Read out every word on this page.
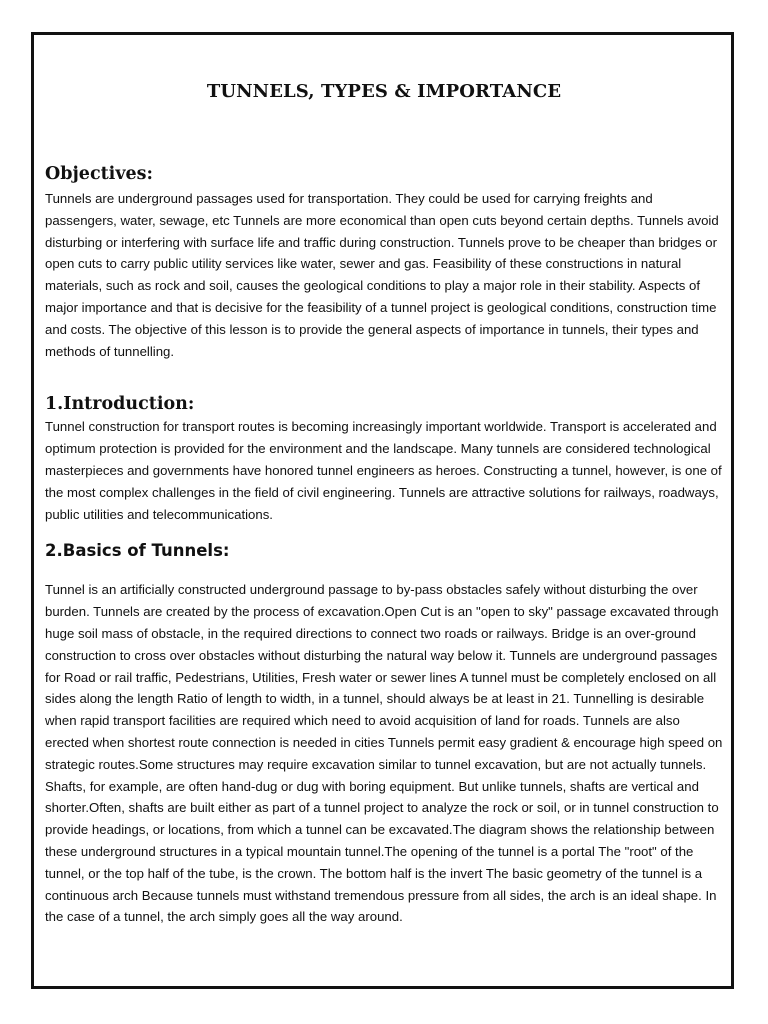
TUNNELS, TYPES & IMPORTANCE
Objectives:

Tunnels are underground passages used for transportation. They could be used for carrying freights and passengers, water, sewage, etc Tunnels are more economical than open cuts beyond certain depths. Tunnels avoid disturbing or interfering with surface life and traffic during construction. Tunnels prove to be cheaper than bridges or open cuts to carry public utility services like water, sewer and gas. Feasibility of these constructions in natural materials, such as rock and soil, causes the geological conditions to play a major role in their stability. Aspects of major importance and that is decisive for the feasibility of a tunnel project is geological conditions, construction time and costs. The objective of this lesson is to provide the general aspects of importance in tunnels, their types and methods of tunnelling.

1.Introduction:

Tunnel construction for transport routes is becoming increasingly important worldwide. Transport is accelerated and optimum protection is provided for the environment and the landscape. Many tunnels are considered technological masterpieces and governments have honored tunnel engineers as heroes. Constructing a tunnel, however, is one of the most complex challenges in the field of civil engineering. Tunnels are attractive solutions for railways, roadways, public utilities and telecommunications.

2.Basics of Tunnels:

Tunnel is an artificially constructed underground passage to by-pass obstacles safely without disturbing the over burden. Tunnels are created by the process of excavation.Open Cut is an "open to sky" passage excavated through huge soil mass of obstacle, in the required directions to connect two roads or railways. Bridge is an over-ground construction to cross over obstacles without disturbing the natural way below it. Tunnels are underground passages for Road or rail traffic, Pedestrians, Utilities, Fresh water or sewer lines A tunnel must be completely enclosed on all sides along the length Ratio of length to width, in a tunnel, should always be at least in 21. Tunnelling is desirable when rapid transport facilities are required which need to avoid acquisition of land for roads. Tunnels are also erected when shortest route connection is needed in cities Tunnels permit easy gradient & encourage high speed on strategic routes.Some structures may require excavation similar to tunnel excavation, but are not actually tunnels. Shafts, for example, are often hand-dug or dug with boring equipment. But unlike tunnels, shafts are vertical and shorter.Often, shafts are built either as part of a tunnel project to analyze the rock or soil, or in tunnel construction to provide headings, or locations, from which a tunnel can be excavated.The diagram shows the relationship between these underground structures in a typical mountain tunnel.The opening of the tunnel is a portal The "root" of the tunnel, or the top half of the tube, is the crown. The bottom half is the invert The basic geometry of the tunnel is a continuous arch Because tunnels must withstand tremendous pressure from all sides, the arch is an ideal shape. In the case of a tunnel, the arch simply goes all the way around.
